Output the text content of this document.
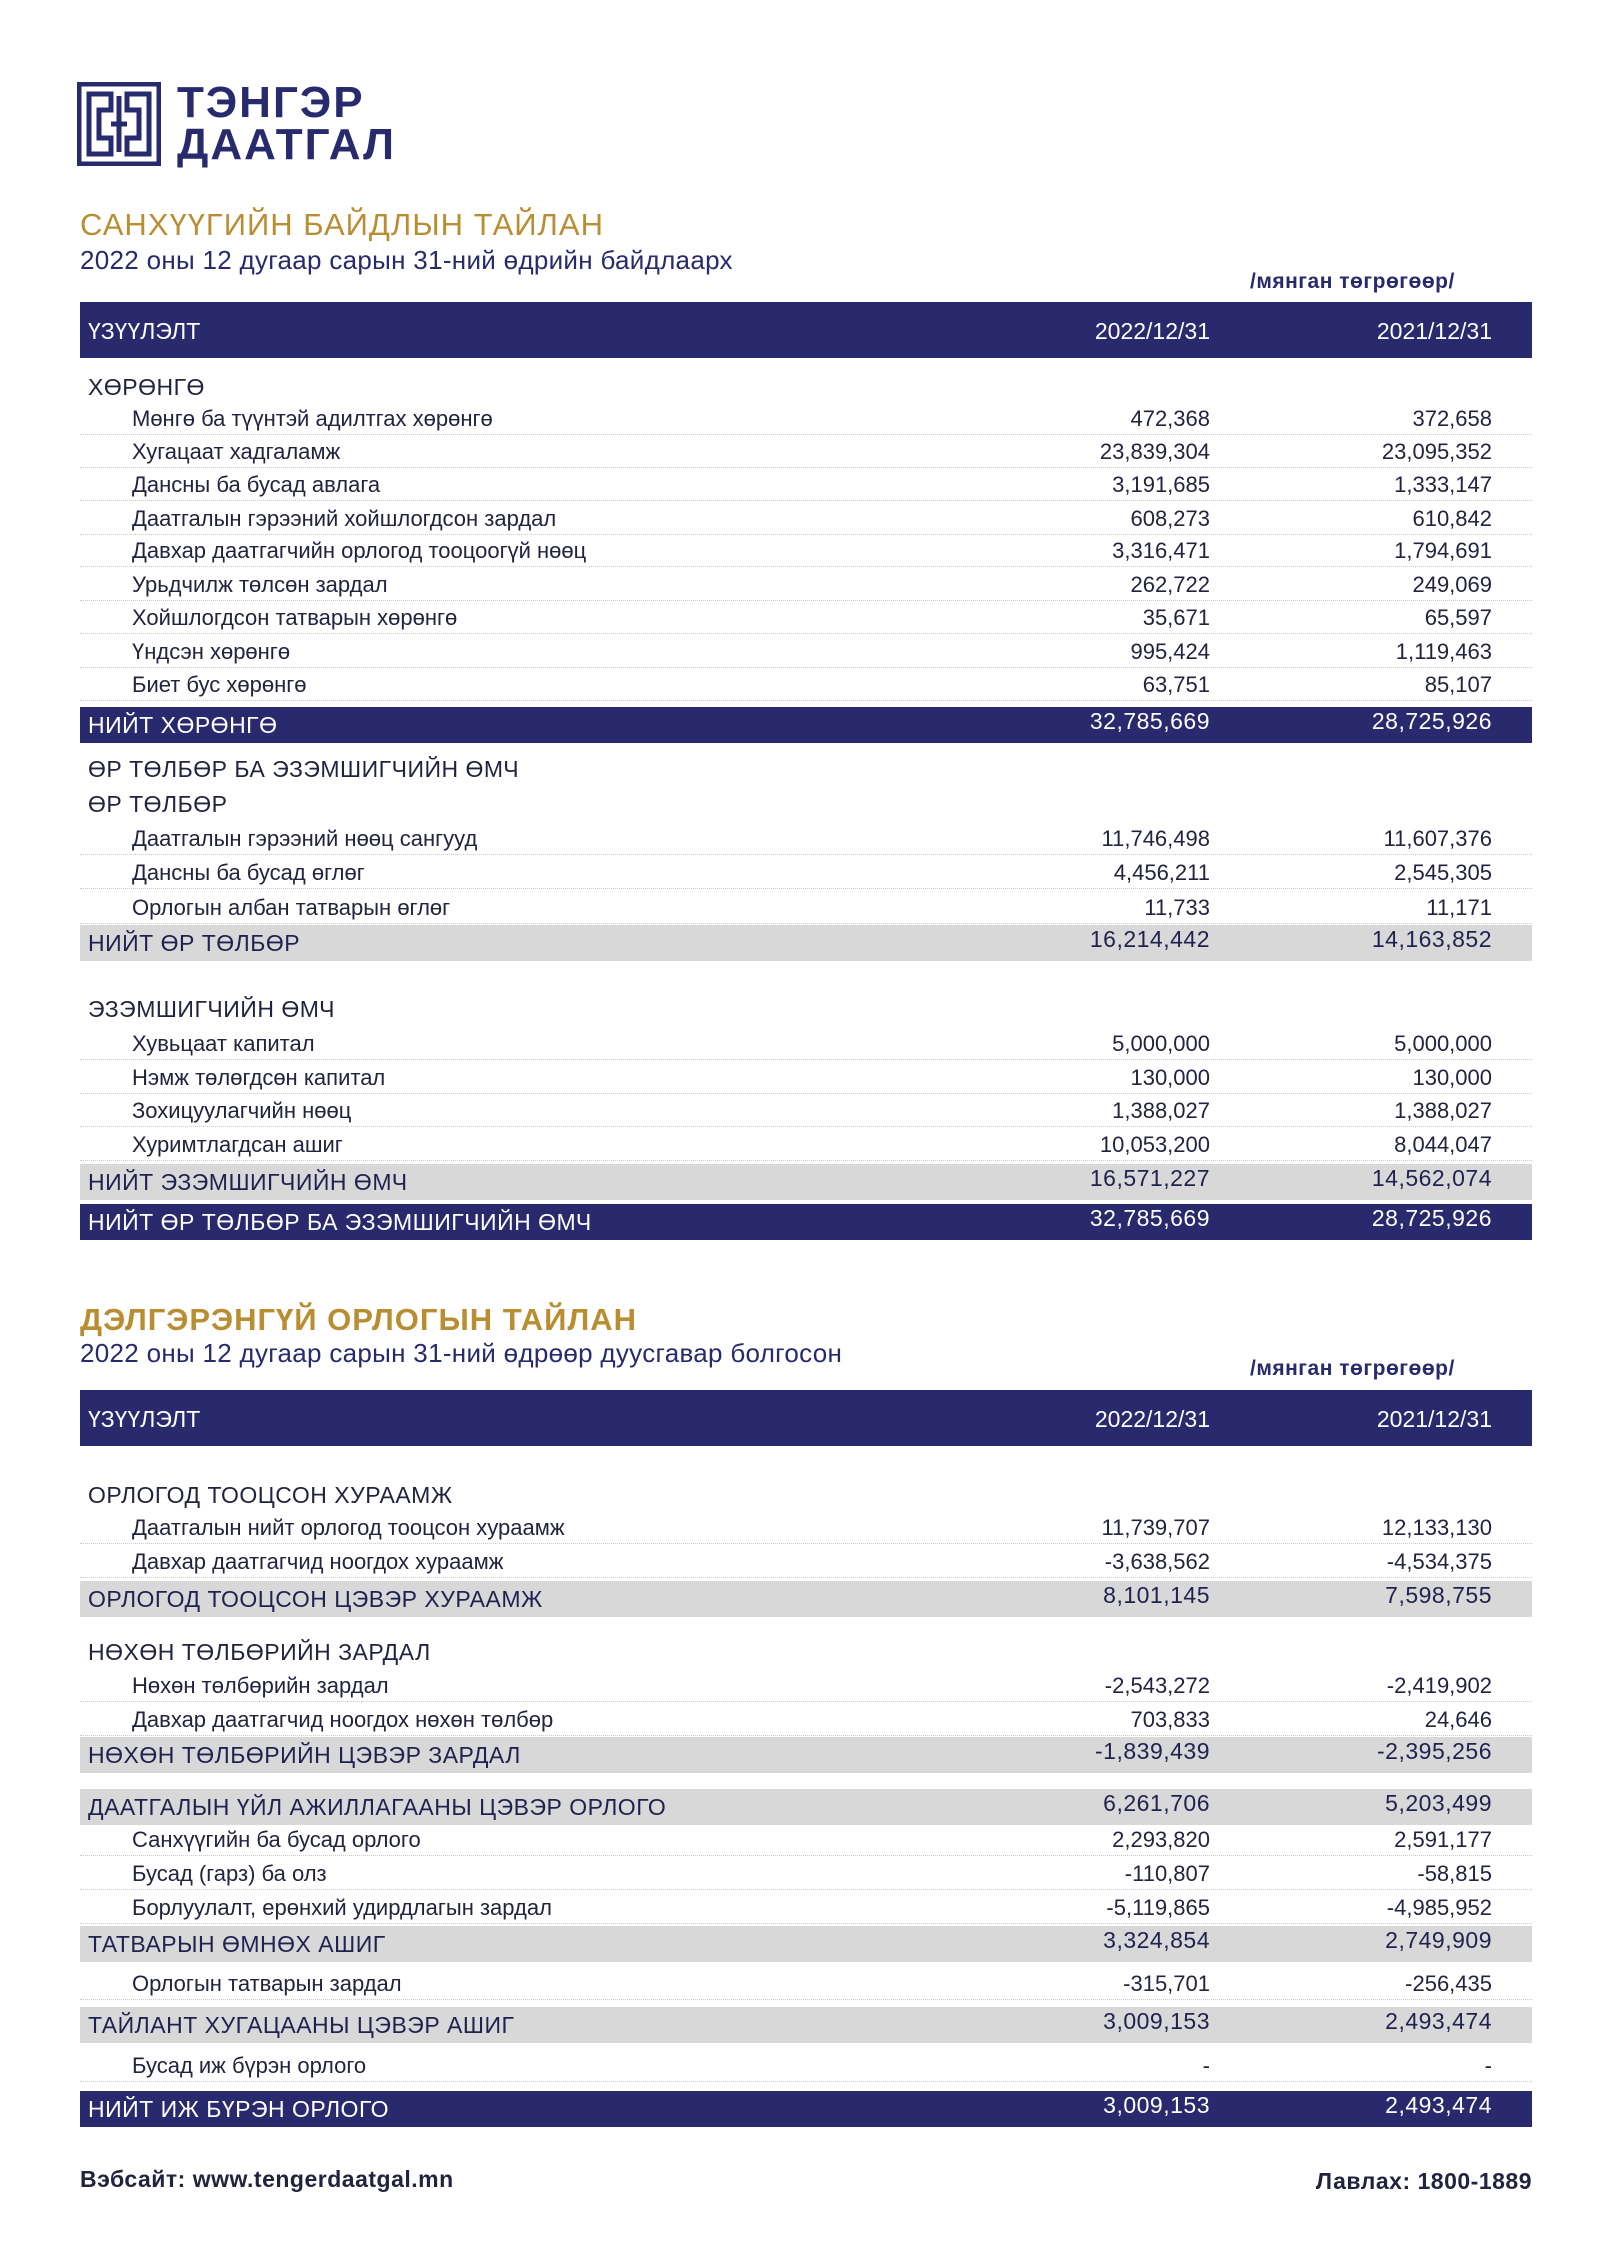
ТЭНГЭР
ДААТГАЛ
САНХҮҮГИЙН БАЙДЛЫН ТАЙЛАН
2022 оны 12 дугаар сарын 31-ний өдрийн байдлаарх
/мянган төгрөгөөр/
ҮЗҮҮЛЭЛТ	2022/12/31	2021/12/31
ХӨРӨНГӨ
Мөнгө ба түүнтэй адилтгах хөрөнгө	472,368	372,658
Хугацаат хадгаламж	23,839,304	23,095,352
Дансны ба бусад авлага	3,191,685	1,333,147
Даатгалын гэрээний хойшлогдсон зардал	608,273	610,842
Давхар даатгагчийн орлогод тооцоогүй нөөц	3,316,471	1,794,691
Урьдчилж төлсөн зардал	262,722	249,069
Хойшлогдсон татварын хөрөнгө	35,671	65,597
Үндсэн хөрөнгө	995,424	1,119,463
Биет бус хөрөнгө	63,751	85,107
НИЙТ ХӨРӨНГӨ	32,785,669	28,725,926
ӨР ТӨЛБӨР БА ЭЗЭМШИГЧИЙН ӨМЧ
ӨР ТӨЛБӨР
Даатгалын гэрээний нөөц сангууд	11,746,498	11,607,376
Дансны ба бусад өглөг	4,456,211	2,545,305
Орлогын албан татварын өглөг	11,733	11,171
НИЙТ ӨР ТӨЛБӨР	16,214,442	14,163,852
ЭЗЭМШИГЧИЙН ӨМЧ
Хувьцаат капитал	5,000,000	5,000,000
Нэмж төлөгдсөн капитал	130,000	130,000
Зохицуулагчийн нөөц	1,388,027	1,388,027
Хуримтлагдсан ашиг	10,053,200	8,044,047
НИЙТ ЭЗЭМШИГЧИЙН ӨМЧ	16,571,227	14,562,074
НИЙТ ӨР ТӨЛБӨР БА ЭЗЭМШИГЧИЙН ӨМЧ	32,785,669	28,725,926
ДЭЛГЭРЭНГҮЙ ОРЛОГЫН ТАЙЛАН
2022 оны 12 дугаар сарын 31-ний өдрөөр дуусгавар болгосон
/мянган төгрөгөөр/
ҮЗҮҮЛЭЛТ	2022/12/31	2021/12/31
ОРЛОГОД ТООЦСОН ХУРААМЖ
Даатгалын нийт орлогод тооцсон хураамж	11,739,707	12,133,130
Давхар даатгагчид ноогдох хураамж	-3,638,562	-4,534,375
ОРЛОГОД ТООЦСОН ЦЭВЭР ХУРААМЖ	8,101,145	7,598,755
НӨХӨН ТӨЛБӨРИЙН ЗАРДАЛ
Нөхөн төлбөрийн зардал	-2,543,272	-2,419,902
Давхар даатгагчид ноогдох нөхөн төлбөр	703,833	24,646
НӨХӨН ТӨЛБӨРИЙН ЦЭВЭР ЗАРДАЛ	-1,839,439	-2,395,256
ДААТГАЛЫН ҮЙЛ АЖИЛЛАГААНЫ ЦЭВЭР ОРЛОГО	6,261,706	5,203,499
Санхүүгийн ба бусад орлого	2,293,820	2,591,177
Бусад (гарз) ба олз	-110,807	-58,815
Борлуулалт, ерөнхий удирдлагын зардал	-5,119,865	-4,985,952
ТАТВАРЫН ӨМНӨХ АШИГ	3,324,854	2,749,909
Орлогын татварын зардал	-315,701	-256,435
ТАЙЛАНТ ХУГАЦААНЫ ЦЭВЭР АШИГ	3,009,153	2,493,474
Бусад иж бүрэн орлого	-	-
НИЙТ ИЖ БҮРЭН ОРЛОГО	3,009,153	2,493,474
Вэбсайт: www.tengerdaatgal.mn	Лавлах: 1800-1889
